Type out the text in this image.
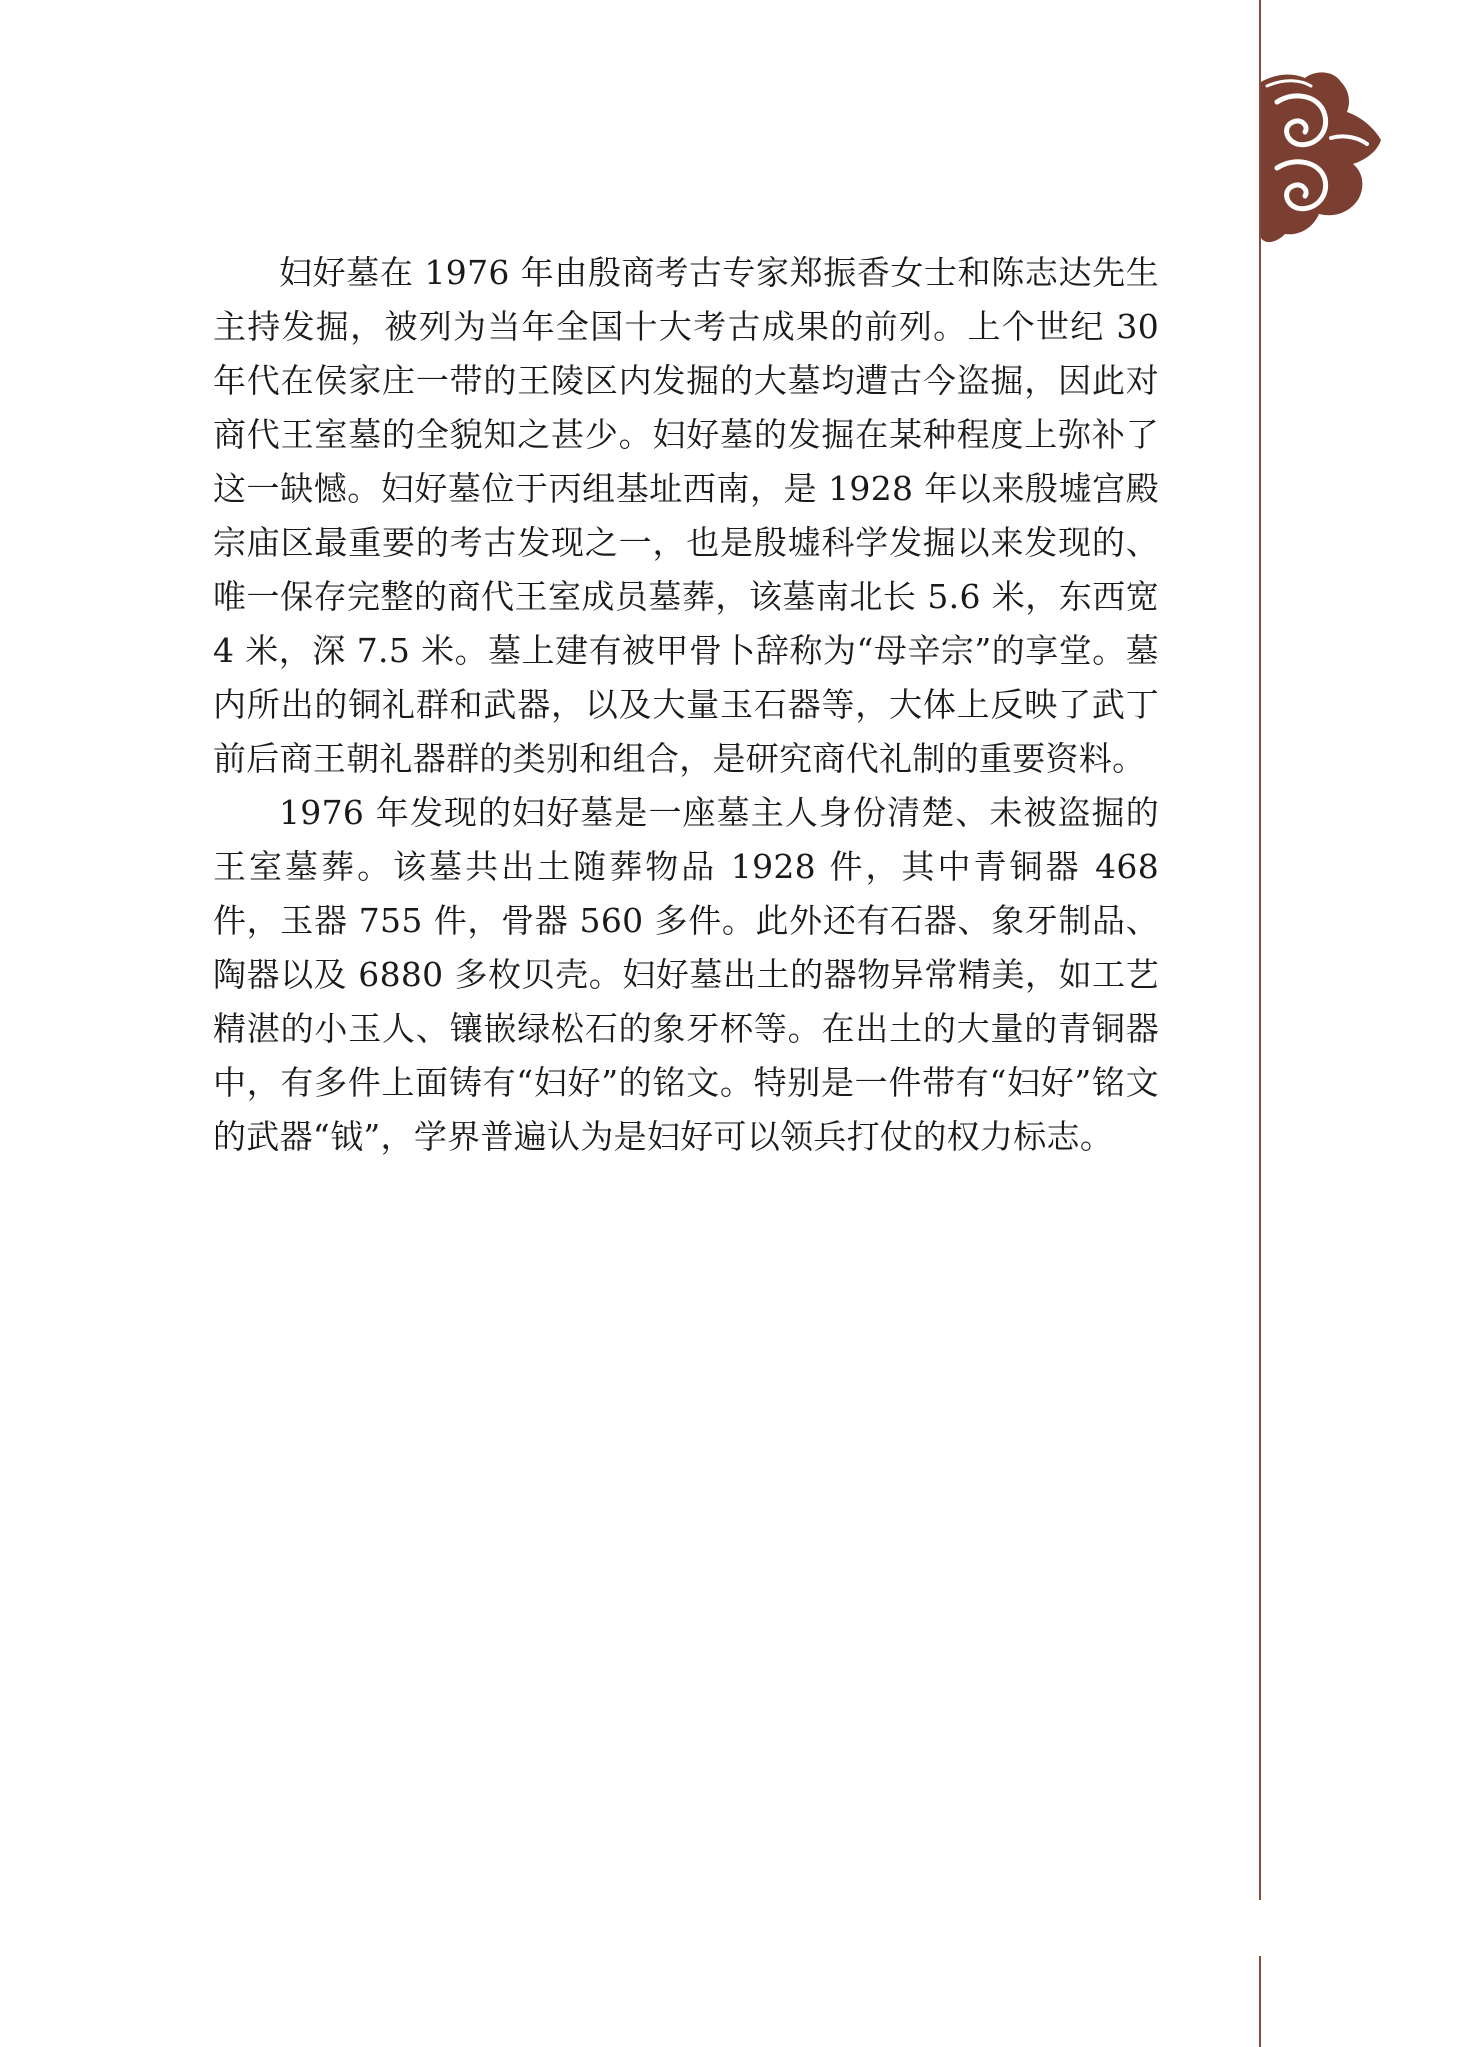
妇好墓在 1976 年由殷商考古专家郑振香女士和陈志达先生主持发掘，被列为当年全国十大考古成果的前列。上个世纪 30 年代在侯家庄一带的王陵区内发掘的大墓均遭古今盗掘，因此对商代王室墓的全貌知之甚少。妇好墓的发掘在某种程度上弥补了这一缺憾。妇好墓位于丙组基址西南，是 1928 年以来殷墟宫殿宗庙区最重要的考古发现之一，也是殷墟科学发掘以来发现的、唯一保存完整的商代王室成员墓葬，该墓南北长 5.6 米，东西宽 4 米，深 7.5 米。墓上建有被甲骨卜辞称为“母辛宗”的享堂。墓内所出的铜礼群和武器，以及大量玉石器等，大体上反映了武丁前后商王朝礼器群的类别和组合，是研究商代礼制的重要资料。

1976 年发现的妇好墓是一座墓主人身份清楚、未被盗掘的王室墓葬。该墓共出土随葬物品 1928 件，其中青铜器 468 件，玉器 755 件，骨器 560 多件。此外还有石器、象牙制品、陶器以及 6880 多枚贝壳。妇好墓出土的器物异常精美，如工艺精湛的小玉人、镶嵌绿松石的象牙杯等。在出土的大量的青铜器中，有多件上面铸有“妇好”的铭文。特别是一件带有“妇好”铭文的武器“钺”，学界普遍认为是妇好可以领兵打仗的权力标志。
